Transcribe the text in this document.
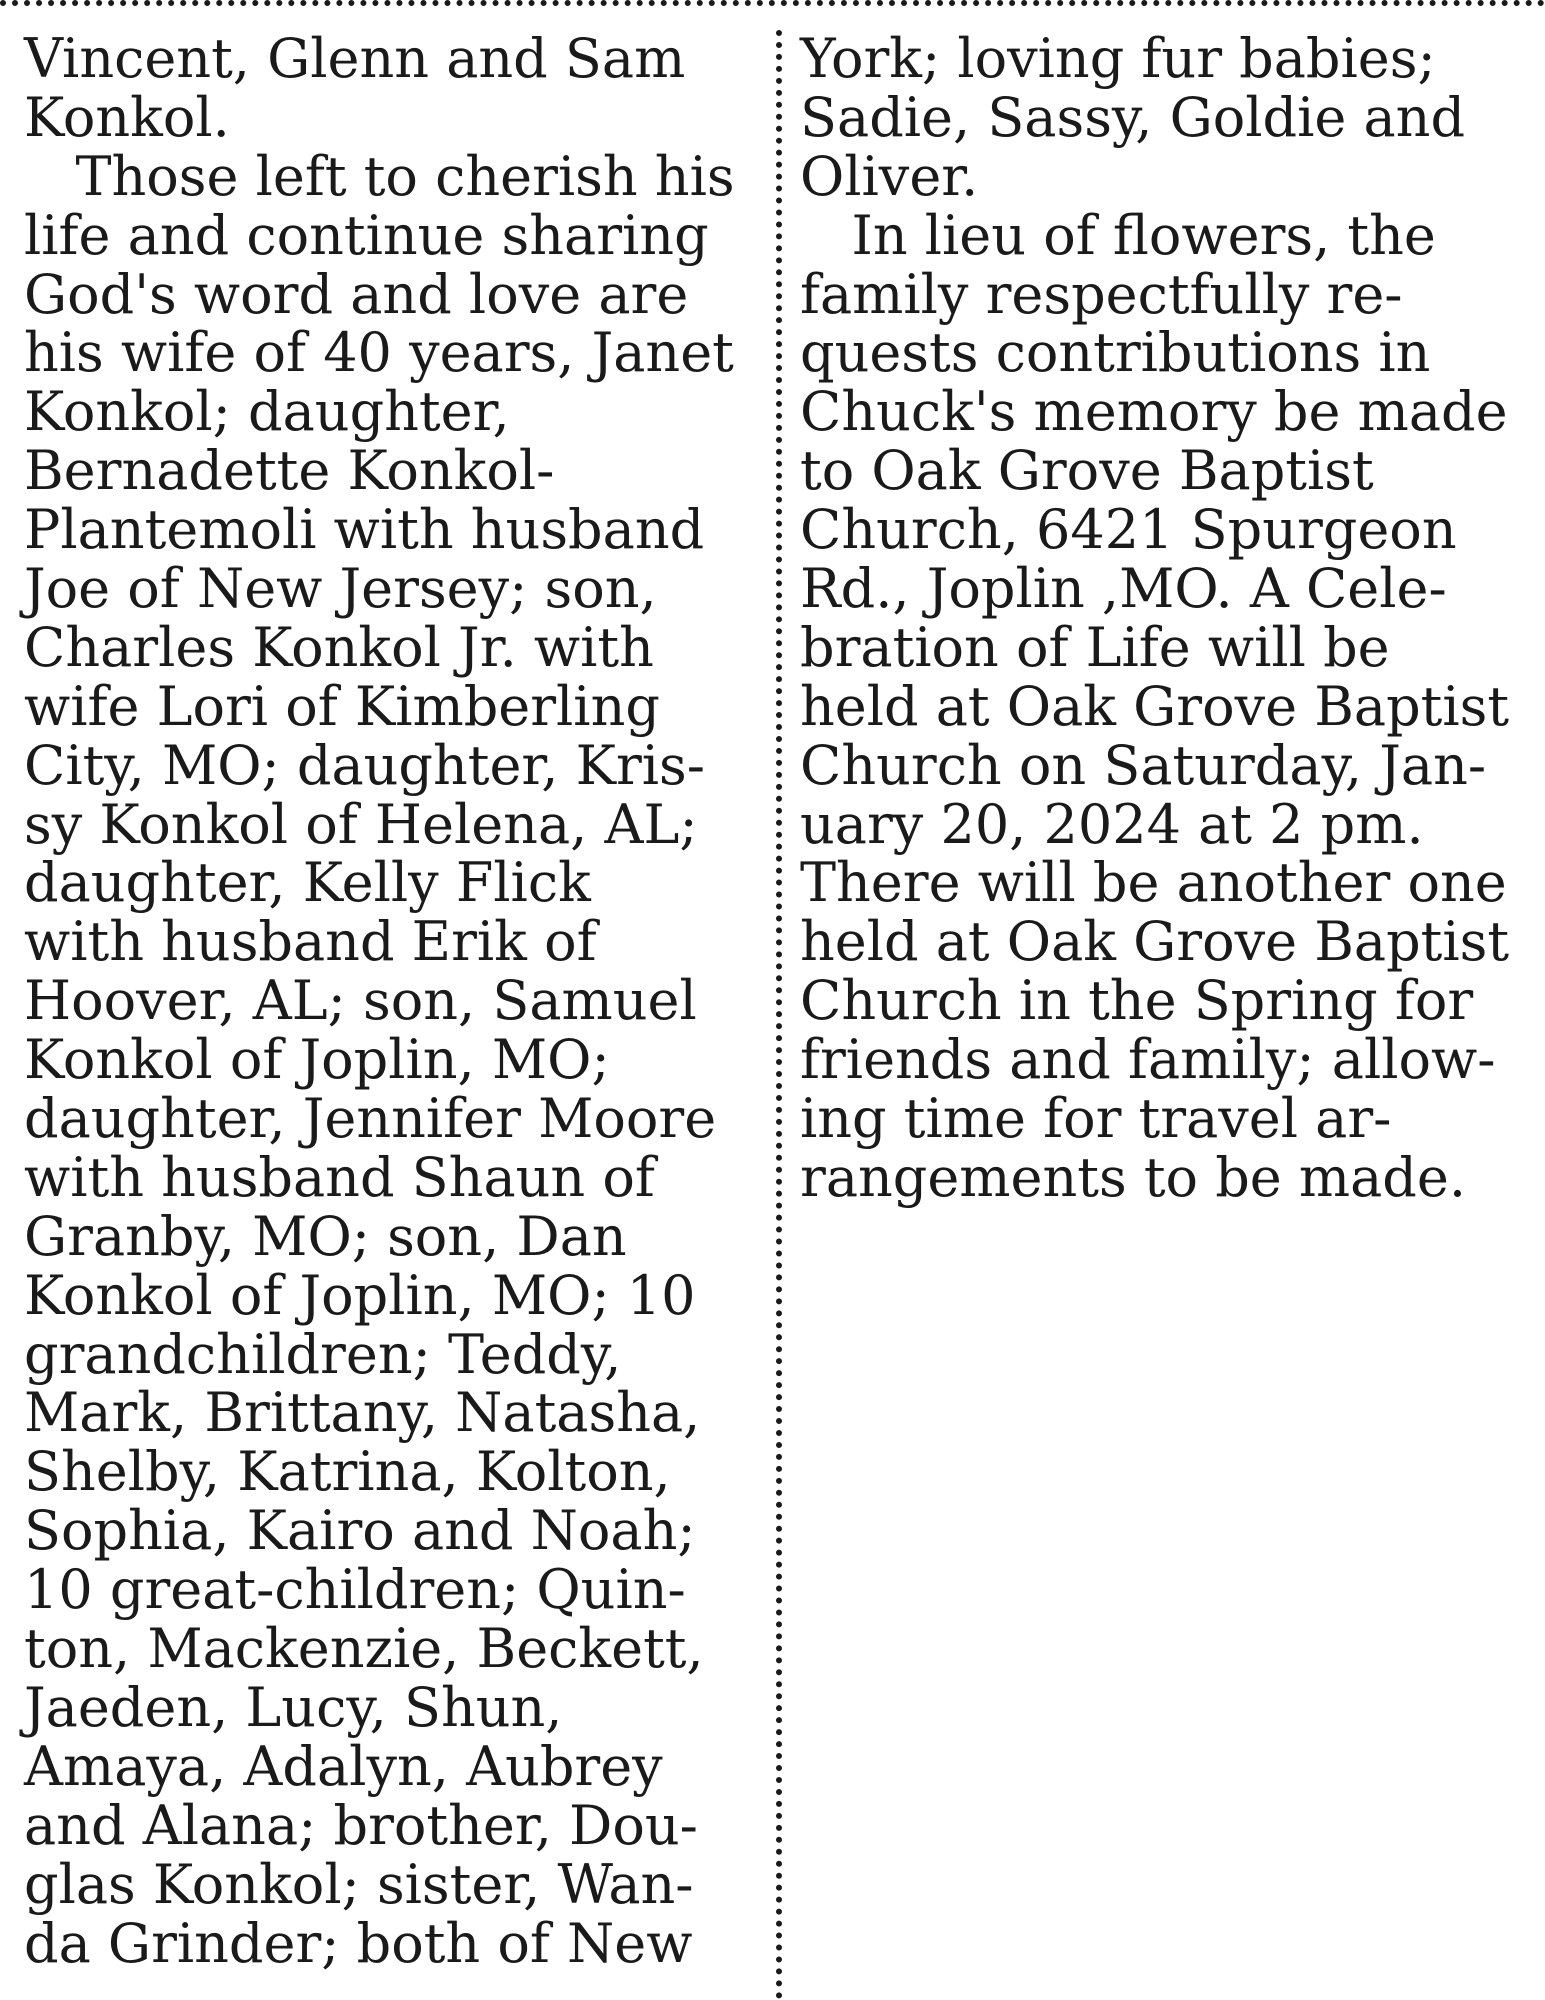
Vincent, Glenn and Sam
Konkol.
Those left to cherish his
life and continue sharing
God's word and love are
his wife of 40 years, Janet
Konkol; daughter,
Bernadette Konkol-
Plantemoli with husband
Joe of New Jersey; son,
Charles Konkol Jr. with
wife Lori of Kimberling
City, MO; daughter, Kris-
sy Konkol of Helena, AL;
daughter, Kelly Flick
with husband Erik of
Hoover, AL; son, Samuel
Konkol of Joplin, MO;
daughter, Jennifer Moore
with husband Shaun of
Granby, MO; son, Dan
Konkol of Joplin, MO; 10
grandchildren; Teddy,
Mark, Brittany, Natasha,
Shelby, Katrina, Kolton,
Sophia, Kairo and Noah;
10 great-children; Quin-
ton, Mackenzie, Beckett,
Jaeden, Lucy, Shun,
Amaya, Adalyn, Aubrey
and Alana; brother, Dou-
glas Konkol; sister, Wan-
da Grinder; both of New
York; loving fur babies;
Sadie, Sassy, Goldie and
Oliver.
In lieu of flowers, the
family respectfully re-
quests contributions in
Chuck's memory be made
to Oak Grove Baptist
Church, 6421 Spurgeon
Rd., Joplin ,MO. A Cele-
bration of Life will be
held at Oak Grove Baptist
Church on Saturday, Jan-
uary 20, 2024 at 2 pm.
There will be another one
held at Oak Grove Baptist
Church in the Spring for
friends and family; allow-
ing time for travel ar-
rangements to be made.
